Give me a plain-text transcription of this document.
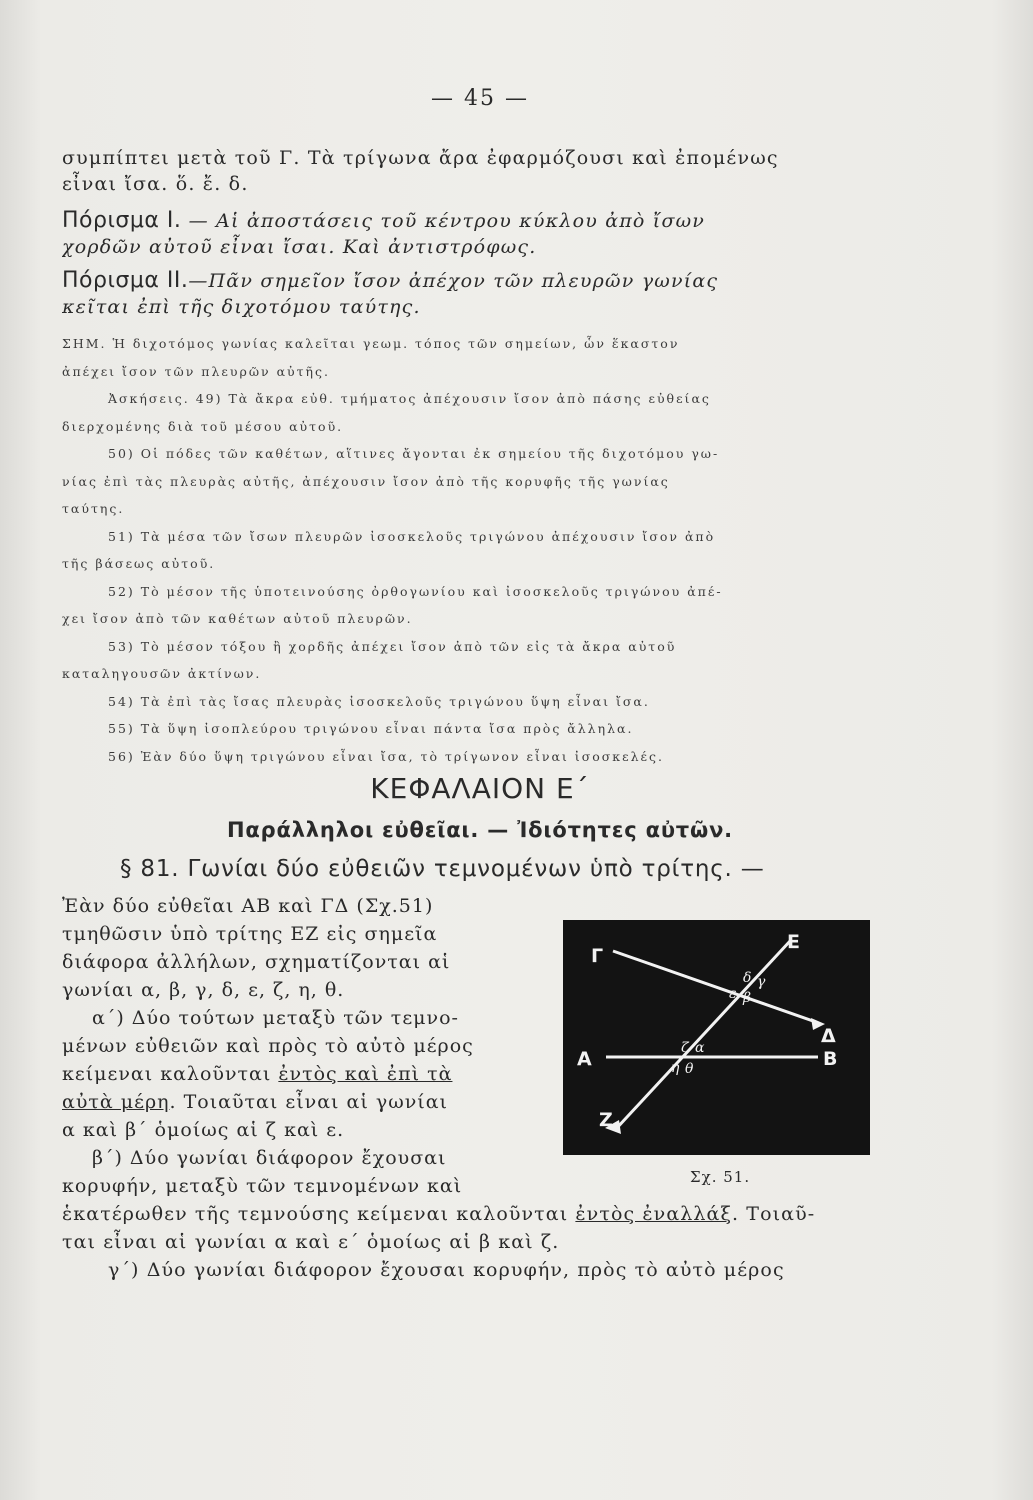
— 45 —
συμπίπτει μετὰ τοῦ Γ. Τὰ τρίγωνα ἄρα ἐφαρμόζουσι καὶ ἐπομένως
εἶναι ἴσα. ὅ. ἔ. δ.
Πόρισμα I. — Αἱ ἀποστάσεις τοῦ κέντρου κύκλου ἀπὸ ἴσων
χορδῶν αὐτοῦ εἶναι ἴσαι. Καὶ ἀντιστρόφως.
Πόρισμα II.—Πᾶν σημεῖον ἴσον ἀπέχον τῶν πλευρῶν γωνίας
κεῖται ἐπὶ τῆς διχοτόμου ταύτης.
ΣΗΜ. Ἡ διχοτόμος γωνίας καλεῖται γεωμ. τόπος τῶν σημείων, ὧν ἕκαστον
ἀπέχει ἴσον τῶν πλευρῶν αὐτῆς.
Ἀσκήσεις. 49) Τὰ ἄκρα εὐθ. τμήματος ἀπέχουσιν ἴσον ἀπὸ πάσης εὐθείας
διερχομένης διὰ τοῦ μέσου αὐτοῦ.
50) Οἱ πόδες τῶν καθέτων, αἵτινες ἄγονται ἐκ σημείου τῆς διχοτόμου γω-
νίας ἐπὶ τὰς πλευρὰς αὐτῆς, ἀπέχουσιν ἴσον ἀπὸ τῆς κορυφῆς τῆς γωνίας
ταύτης.
51) Τὰ μέσα τῶν ἴσων πλευρῶν ἰσοσκελοῦς τριγώνου ἀπέχουσιν ἴσον ἀπὸ
τῆς βάσεως αὐτοῦ.
52) Τὸ μέσον τῆς ὑποτεινούσης ὀρθογωνίου καὶ ἰσοσκελοῦς τριγώνου ἀπέ-
χει ἴσον ἀπὸ τῶν καθέτων αὐτοῦ πλευρῶν.
53) Τὸ μέσον τόξου ἢ χορδῆς ἀπέχει ἴσον ἀπὸ τῶν εἰς τὰ ἄκρα αὐτοῦ
καταληγουσῶν ἀκτίνων.
54) Τὰ ἐπὶ τὰς ἴσας πλευρὰς ἰσοσκελοῦς τριγώνου ὕψη εἶναι ἴσα.
55) Τὰ ὕψη ἰσοπλεύρου τριγώνου εἶναι πάντα ἴσα πρὸς ἄλληλα.
56) Ἐὰν δύο ὕψη τριγώνου εἶναι ἴσα, τὸ τρίγωνον εἶναι ἰσοσκελές.
ΚΕΦΑΛΑΙΟΝ Ε΄
Παράλληλοι εὐθεῖαι. — Ἰδιότητες αὐτῶν.
§ 81. Γωνίαι δύο εὐθειῶν τεμνομένων ὑπὸ τρίτης. —
Ἐὰν δύο εὐθεῖαι ΑΒ καὶ ΓΔ (Σχ.51)
τμηθῶσιν ὑπὸ τρίτης ΕΖ εἰς σημεῖα
διάφορα ἀλλήλων, σχηματίζονται αἱ
γωνίαι α, β, γ, δ, ε, ζ, η, θ.
α΄) Δύο τούτων μεταξὺ τῶν τεμνο-
μένων εὐθειῶν καὶ πρὸς τὸ αὐτὸ μέρος
κείμεναι καλοῦνται ἐντὸς καὶ ἐπὶ τὰ
αὐτὰ μέρη. Τοιαῦται εἶναι αἱ γωνίαι
α καὶ β΄ ὁμοίως αἱ ζ καὶ ε.
β΄) Δύο γωνίαι διάφορον ἔχουσαι
κορυφήν, μεταξὺ τῶν τεμνομένων καὶ
Γ
Ε
Δ
Α	Β
Ζ
δ γ
ε β
ζ α
η θ
Σχ. 51.
ἑκατέρωθεν τῆς τεμνούσης κείμεναι καλοῦνται ἐντὸς ἐναλλάξ. Τοιαῦ-
ται εἶναι αἱ γωνίαι α καὶ ε΄ ὁμοίως αἱ β καὶ ζ.
γ΄) Δύο γωνίαι διάφορον ἔχουσαι κορυφήν, πρὸς τὸ αὐτὸ μέρος
